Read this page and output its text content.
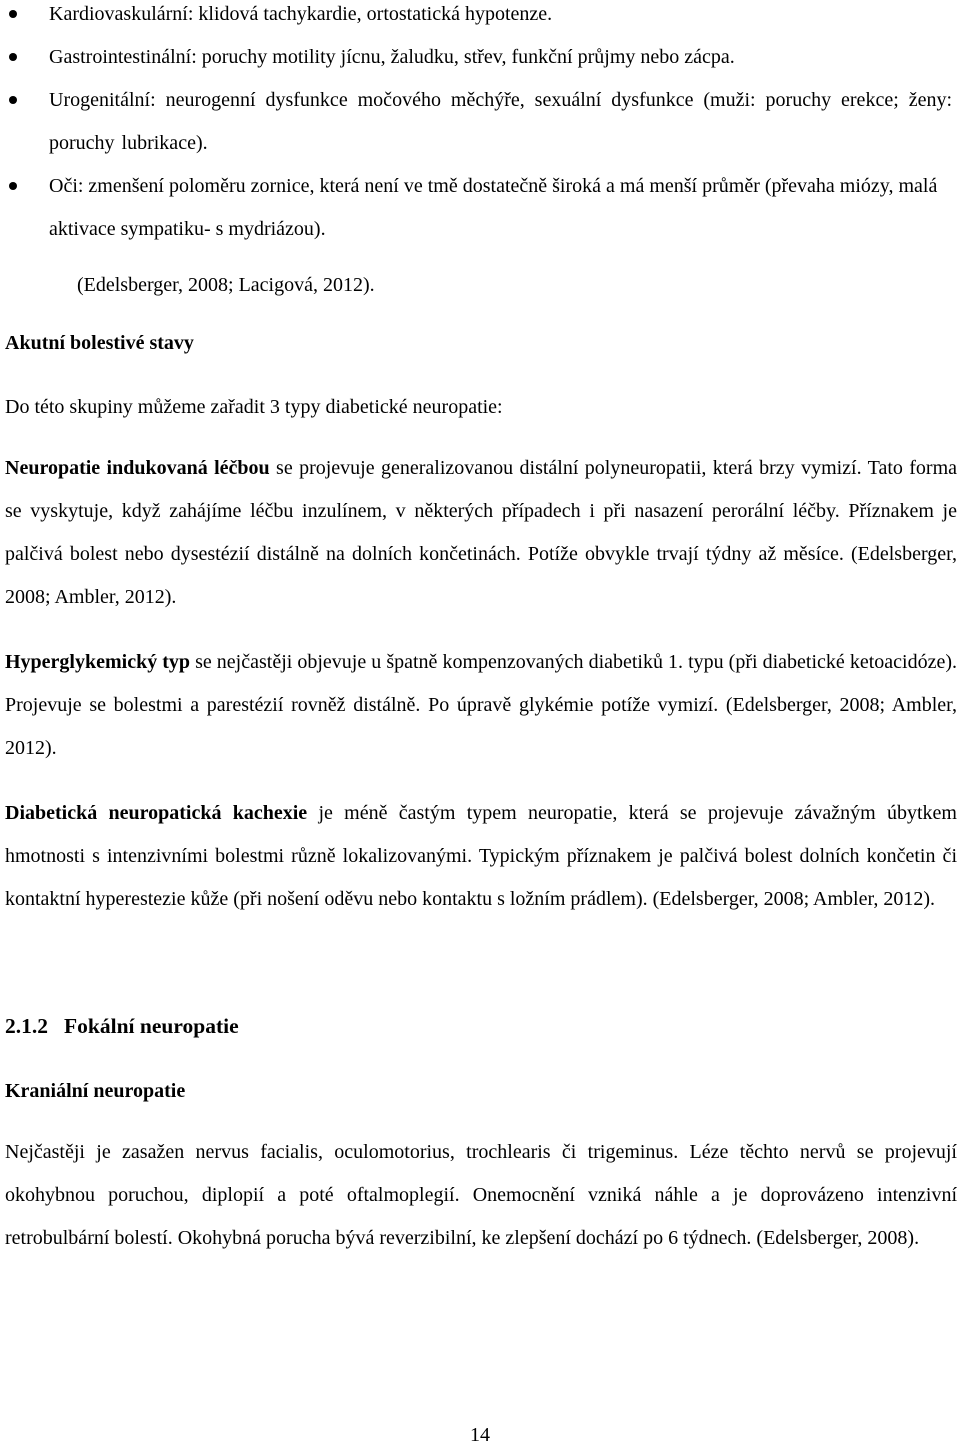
Kardiovaskulární: klidová tachykardie, ortostatická hypotenze.
Gastrointestinální: poruchy motility jícnu, žaludku, střev, funkční průjmy nebo zácpa.
Urogenitální: neurogenní dysfunkce močového měchýře, sexuální dysfunkce (muži: poruchy erekce; ženy: poruchy lubrikace).
Oči: zmenšení poloměru zornice, která není ve tmě dostatečně široká a má menší průměr (převaha miózy, malá aktivace sympatiku- s mydriázou).
(Edelsberger, 2008; Lacigová, 2012).

Akutní bolestivé stavy

Do této skupiny můžeme zařadit 3 typy diabetické neuropatie:

Neuropatie indukovaná léčbou se projevuje generalizovanou distální polyneuropatii, která brzy vymizí. Tato forma se vyskytuje, když zahájíme léčbu inzulínem, v některých případech i při nasazení perorální léčby. Příznakem je palčivá bolest nebo dysestézií distálně na dolních končetinách. Potíže obvykle trvají týdny až měsíce. (Edelsberger, 2008; Ambler, 2012).

Hyperglykemický typ se nejčastěji objevuje u špatně kompenzovaných diabetiků 1. typu (při diabetické ketoacidóze). Projevuje se bolestmi a parestézií rovněž distálně. Po úpravě glykémie potíže vymizí. (Edelsberger, 2008; Ambler, 2012).

Diabetická neuropatická kachexie je méně častým typem neuropatie, která se projevuje závažným úbytkem hmotnosti s intenzivními bolestmi různě lokalizovanými. Typickým příznakem je palčivá bolest dolních končetin či kontaktní hyperestezie kůže (při nošení oděvu nebo kontaktu s ložním prádlem). (Edelsberger, 2008; Ambler, 2012).

2.1.2 Fokální neuropatie

Kraniální neuropatie

Nejčastěji je zasažen nervus facialis, oculomotorius, trochlearis či trigeminus. Léze těchto nervů se projevují okohybnou poruchou, diplopií a poté oftalmoplegií. Onemocnění vzniká náhle a je doprovázeno intenzivní retrobulbární bolestí. Okohybná porucha bývá reverzibilní, ke zlepšení dochází po 6 týdnech. (Edelsberger, 2008).

14
